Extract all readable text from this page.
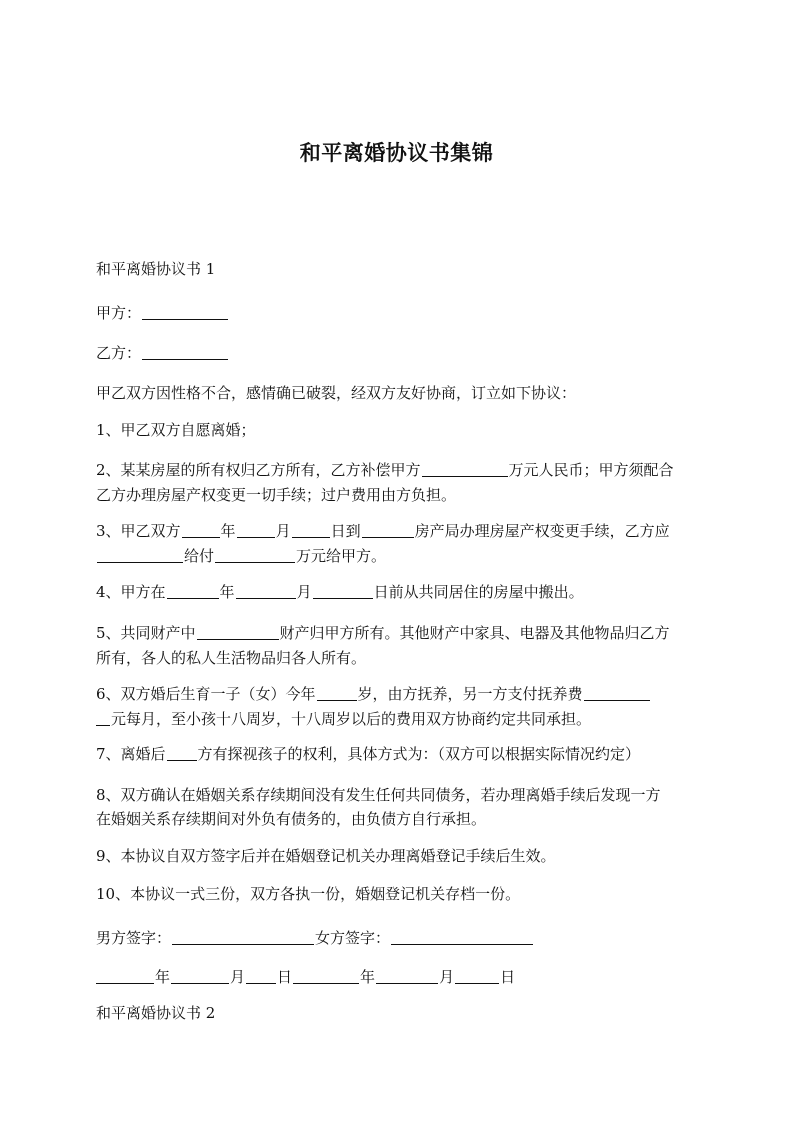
和平离婚协议书集锦
和平离婚协议书 1
甲方：
乙方：
甲乙双方因性格不合，感情确已破裂，经双方友好协商，订立如下协议：
1、甲乙双方自愿离婚；
2、某某房屋的所有权归乙方所有，乙方补偿甲方	万元人民币；甲方须配合
乙方办理房屋产权变更一切手续；过户费用由方负担。
3、甲乙双方	年	月	日到	房产局办理房屋产权变更手续，乙方应
给付	万元给甲方。
4、甲方在	年	月	日前从共同居住的房屋中搬出。
5、共同财产中	财产归甲方所有。其他财产中家具、电器及其他物品归乙方
所有，各人的私人生活物品归各人所有。
6、双方婚后生育一子（女）今年	岁，由方抚养，另一方支付抚养费
元每月，至小孩十八周岁，十八周岁以后的费用双方协商约定共同承担。
7、离婚后 方有探视孩子的权利，具体方式为：（双方可以根据实际情况约定）
8、双方确认在婚姻关系存续期间没有发生任何共同债务，若办理离婚手续后发现一方
在婚姻关系存续期间对外负有债务的，由负债方自行承担。
9、本协议自双方签字后并在婚姻登记机关办理离婚登记手续后生效。
10、本协议一式三份，双方各执一份，婚姻登记机关存档一份。
男方签字：	女方签字：
年	月 日	年	月	日
和平离婚协议书 2
